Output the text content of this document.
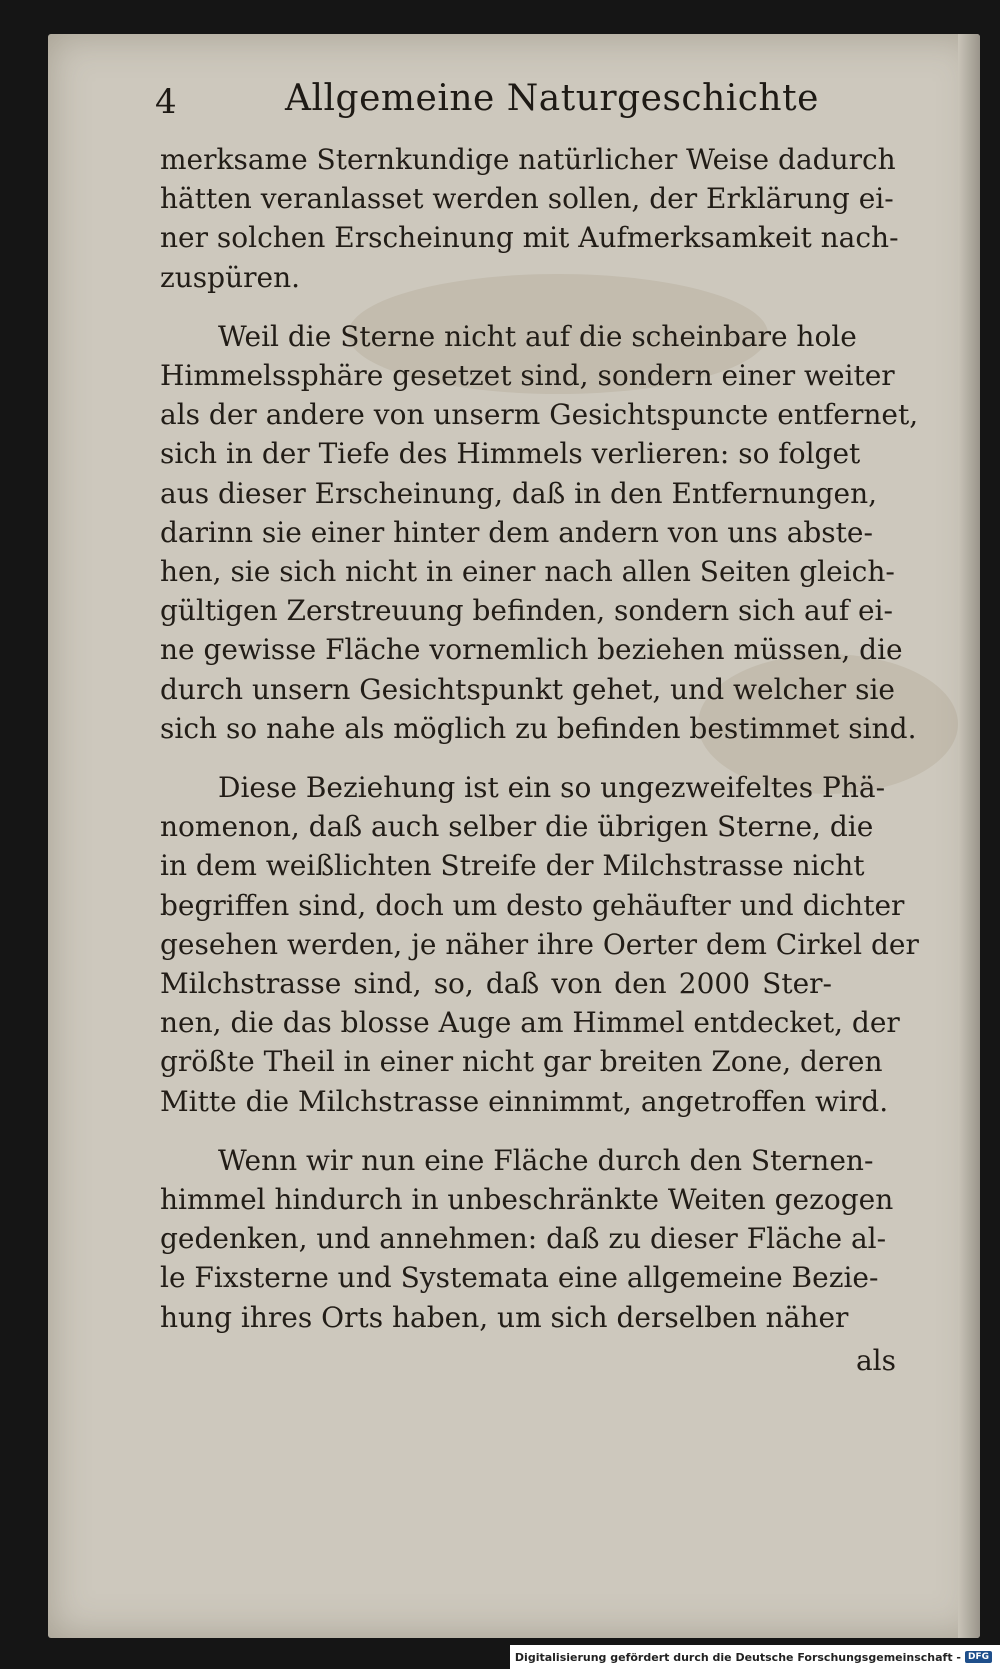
4	Allgemeine Naturgeschichte
merksame Sternkundige natürlicher Weise dadurch
hätten veranlasset werden sollen, der Erklärung ei-
ner solchen Erscheinung mit Aufmerksamkeit nach-
zuspüren.
Weil die Sterne nicht auf die scheinbare hole
Himmelssphäre gesetzet sind, sondern einer weiter
als der andere von unserm Gesichtspuncte entfernet,
sich in der Tiefe des Himmels verlieren: so folget
aus dieser Erscheinung, daß in den Entfernungen,
darinn sie einer hinter dem andern von uns abste-
hen, sie sich nicht in einer nach allen Seiten gleich-
gültigen Zerstreuung befinden, sondern sich auf ei-
ne gewisse Fläche vornemlich beziehen müssen, die
durch unsern Gesichtspunkt gehet, und welcher sie
sich so nahe als möglich zu befinden bestimmet sind.
Diese Beziehung ist ein so ungezweifeltes Phä-
nomenon, daß auch selber die übrigen Sterne, die
in dem weißlichten Streife der Milchstrasse nicht
begriffen sind, doch um desto gehäufter und dichter
gesehen werden, je näher ihre Oerter dem Cirkel der
Milchstrasse sind, so, daß von den 2000 Ster-
nen, die das blosse Auge am Himmel entdecket, der
größte Theil in einer nicht gar breiten Zone, deren
Mitte die Milchstrasse einnimmt, angetroffen wird.
Wenn wir nun eine Fläche durch den Sternen-
himmel hindurch in unbeschränkte Weiten gezogen
gedenken, und annehmen: daß zu dieser Fläche al-
le Fixsterne und Systemata eine allgemeine Bezie-
hung ihres Orts haben, um sich derselben näher
als
Digitalisierung gefördert durch die Deutsche Forschungsgemeinschaft - DFG
